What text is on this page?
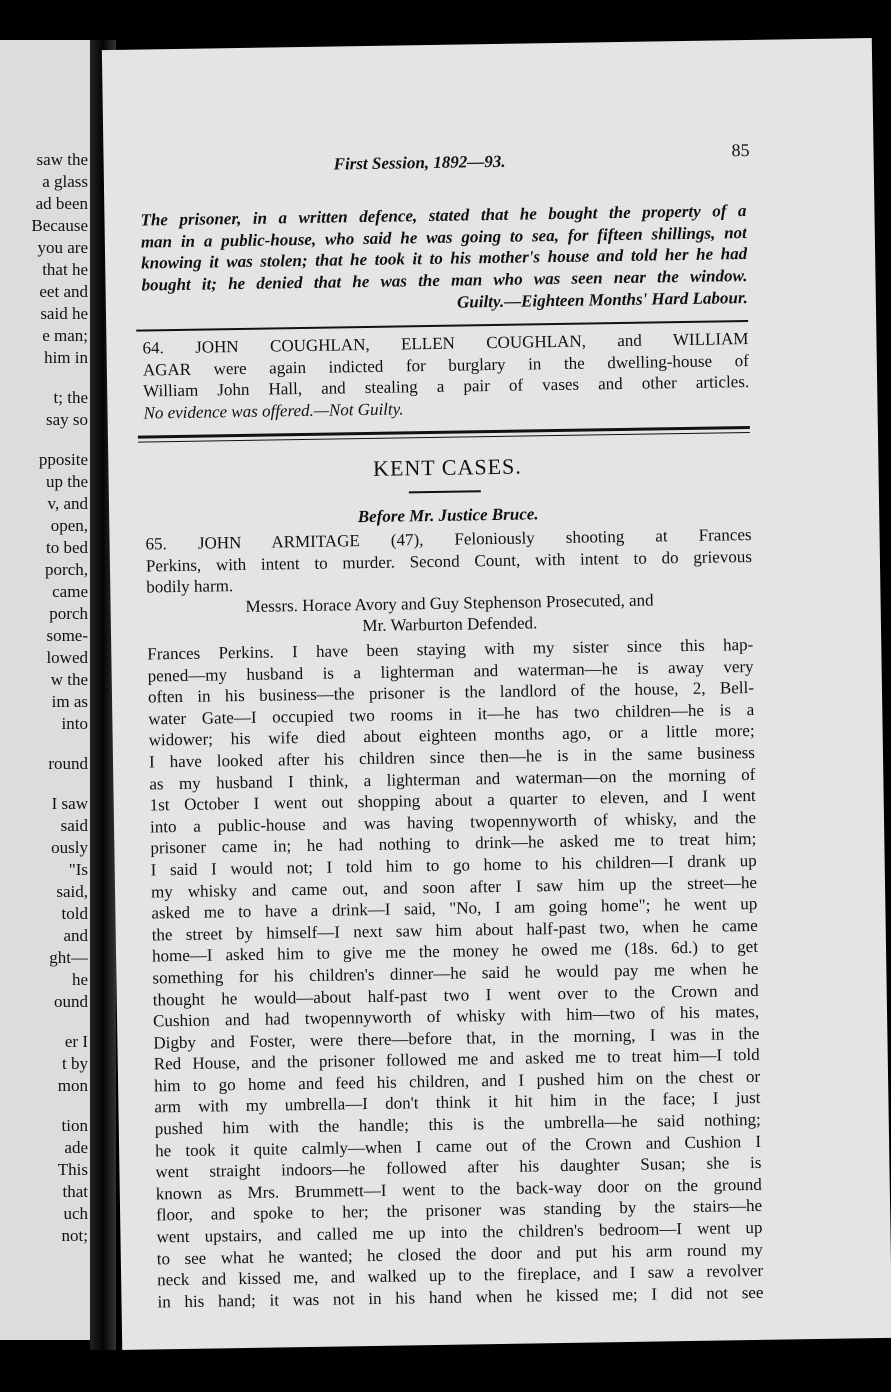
saw the
a glass
ad been
Because
you are
that he
eet and
said he
e man;
him in
t; the
say so
pposite
up the
v, and
open,
to bed
porch,
came
porch
some-
lowed
w the
im as
into
round
I saw
said
ously
"Is
said,
told
and
ght—
he
ound
er I
t by
mon
tion
ade
This
that
uch
not;
First Session, 1892—93.
85
The prisoner, in a written defence, stated that he bought the property of a
man in a public-house, who said he was going to sea, for fifteen shillings, not
knowing it was stolen; that he took it to his mother's house and told her he had
bought it; he denied that he was the man who was seen near the window.
Guilty.—Eighteen Months' Hard Labour.
64. JOHN COUGHLAN, ELLEN COUGHLAN, and WILLIAM
AGAR were again indicted for burglary in the dwelling-house of
William John Hall, and stealing a pair of vases and other articles.
No evidence was offered.—Not Guilty.
KENT CASES.
Before Mr. Justice Bruce.
65. JOHN ARMITAGE (47), Feloniously shooting at Frances
Perkins, with intent to murder. Second Count, with intent to do grievous
bodily harm.
Messrs. Horace Avory and Guy Stephenson Prosecuted, and
Mr. Warburton Defended.
Frances Perkins. I have been staying with my sister since this hap-
pened—my husband is a lighterman and waterman—he is away very
often in his business—the prisoner is the landlord of the house, 2, Bell-
water Gate—I occupied two rooms in it—he has two children—he is a
widower; his wife died about eighteen months ago, or a little more;
I have looked after his children since then—he is in the same business
as my husband I think, a lighterman and waterman—on the morning of
1st October I went out shopping about a quarter to eleven, and I went
into a public-house and was having twopennyworth of whisky, and the
prisoner came in; he had nothing to drink—he asked me to treat him;
I said I would not; I told him to go home to his children—I drank up
my whisky and came out, and soon after I saw him up the street—he
asked me to have a drink—I said, "No, I am going home"; he went up
the street by himself—I next saw him about half-past two, when he came
home—I asked him to give me the money he owed me (18s. 6d.) to get
something for his children's dinner—he said he would pay me when he
thought he would—about half-past two I went over to the Crown and
Cushion and had twopennyworth of whisky with him—two of his mates,
Digby and Foster, were there—before that, in the morning, I was in the
Red House, and the prisoner followed me and asked me to treat him—I told
him to go home and feed his children, and I pushed him on the chest or
arm with my umbrella—I don't think it hit him in the face; I just
pushed him with the handle; this is the umbrella—he said nothing;
he took it quite calmly—when I came out of the Crown and Cushion I
went straight indoors—he followed after his daughter Susan; she is
known as Mrs. Brummett—I went to the back-way door on the ground
floor, and spoke to her; the prisoner was standing by the stairs—he
went upstairs, and called me up into the children's bedroom—I went up
to see what he wanted; he closed the door and put his arm round my
neck and kissed me, and walked up to the fireplace, and I saw a revolver
in his hand; it was not in his hand when he kissed me; I did not see
